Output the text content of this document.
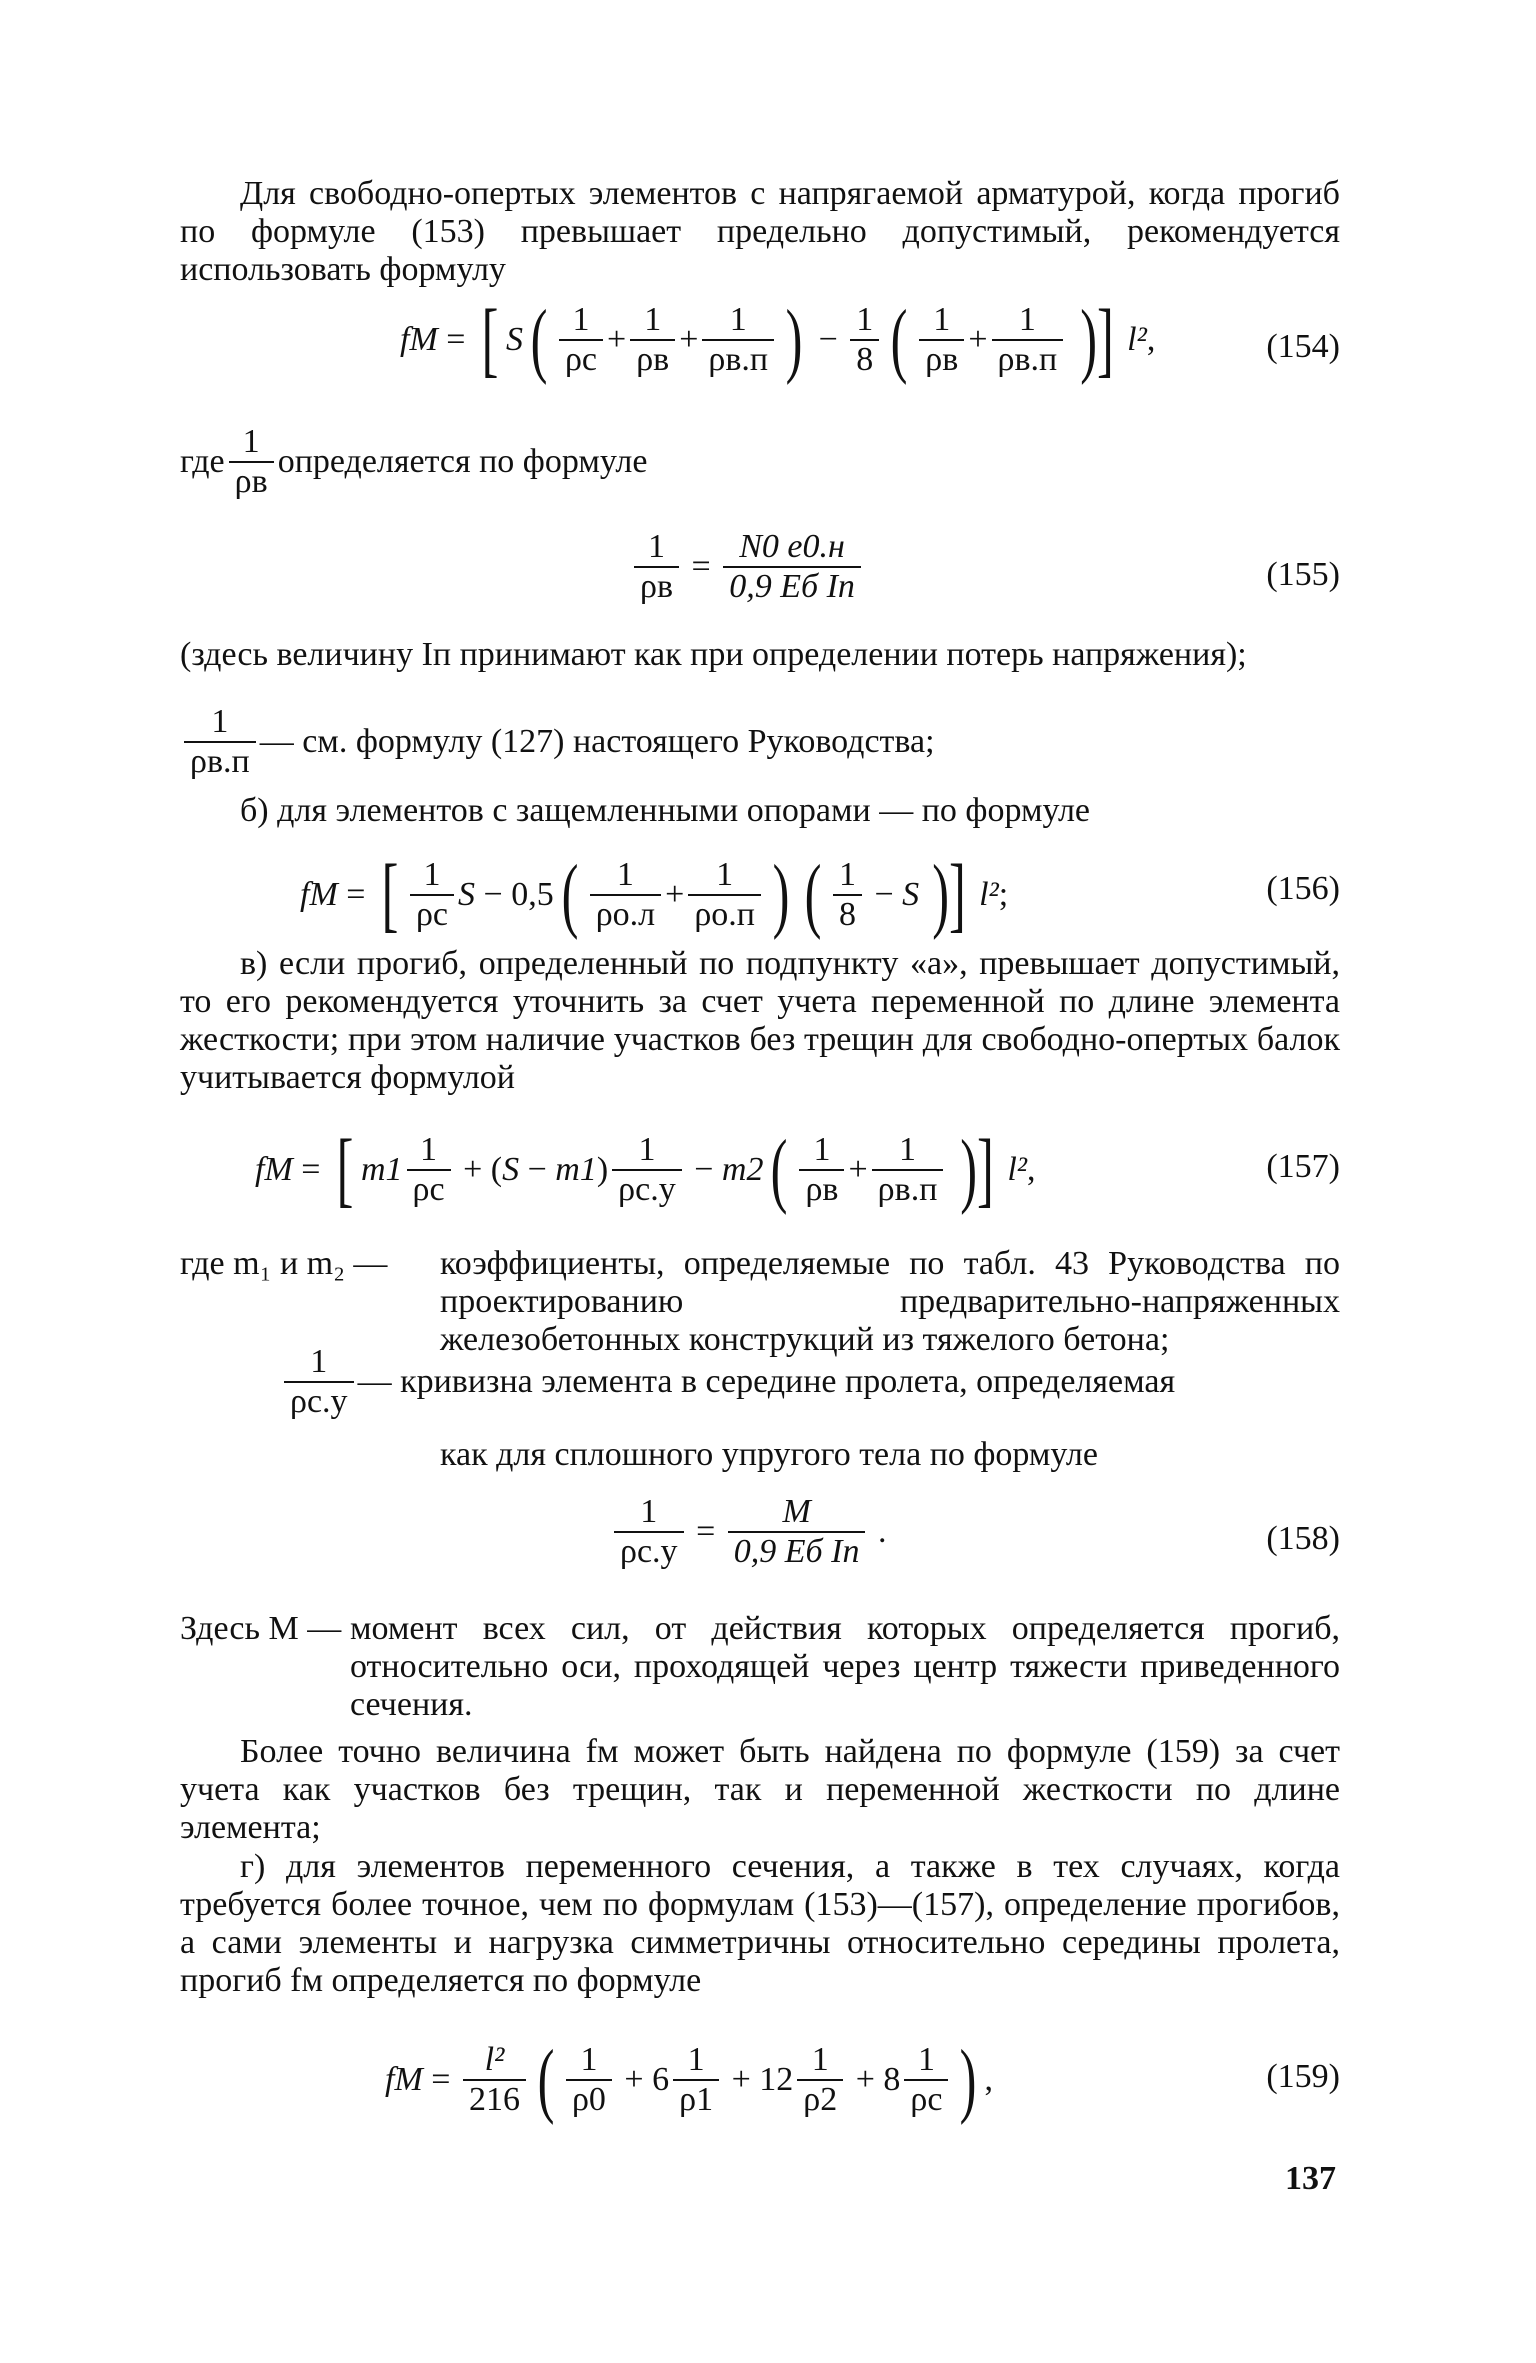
Для свободно-опертых элементов с напрягаемой арматурой, когда прогиб по формуле (153) превышает предельно допустимый, рекомендуется использовать формулу
fM = [ S ( $\frac{1}{\rho c} + \frac{1}{\rho в} + \frac{1}{\rho в.п}$ ) − $\frac{1}{8}$ ( $\frac{1}{\rho в} + \frac{1}{\rho в.п}$ )] l² ,	(154)
где $\frac{1}{\rho в}$ определяется по формуле
$\frac{1}{\rho в} = \frac{N0 e0.н}{\text{0,9 Eб Iп}}$	(155)
(здесь величину Iп принимают как при определении потерь напряжения);
$\frac{1}{\rho в.п}$ — см. формулу (127) настоящего Руководства;
б) для элементов с защемленными опорами — по формуле
fM = [ $\frac{1}{\rho c}$ S − 0,5 ( $\frac{1}{\rho о.л} + \frac{1}{\rho о.п}$ ) ( $\frac{1}{8} - S$ )] l² ;	(156)
в) если прогиб, определенный по подпункту «а», превышает допустимый, то его рекомендуется уточнить за счет учета переменной по длине элемента жесткости; при этом наличие участков без трещин для свободно-опертых балок учитывается формулой
fM = [ $m1 \frac{1}{\rho c}$ + ( S − m1 ) $\frac{1}{\rho с.у} - m2$ ( $\frac{1}{\rho в} + \frac{1}{\rho в.п}$ )] l² ,	(157)
где m₁ и m₂ — коэффициенты, определяемые по табл. 43 Руководства по проектированию предварительно-напряженных железобетонных конструкций из тяжелого бетона;
$\frac{1}{\rho с.у}$ — кривизна элемента в середине пролета, определяемая
как для сплошного упругого тела по формуле
$\frac{1}{\rho с.у} = \frac{M}{\text{0,9 Eб Iп}}$ .	(158)
Здесь M — момент всех сил, от действия которых определяется прогиб, относительно оси, проходящей через центр тяжести приведенного сечения.
Более точно величина fм может быть найдена по формуле (159) за счет учета как участков без трещин, так и переменной жесткости по длине элемента;
г) для элементов переменного сечения, а также в тех случаях, когда требуется более точное, чем по формулам (153)—(157), определение прогибов, а сами элементы и нагрузка симметричны относительно середины пролета, прогиб fм определяется по формуле
fM = $\frac{\text{l²}}{216}$ ( $\frac{1}{\rho 0} + 6 \frac{1}{\rho 1} + 12 \frac{1}{\rho 2} + 8 \frac{1}{\rho c}$ ) ,	(159)
137
